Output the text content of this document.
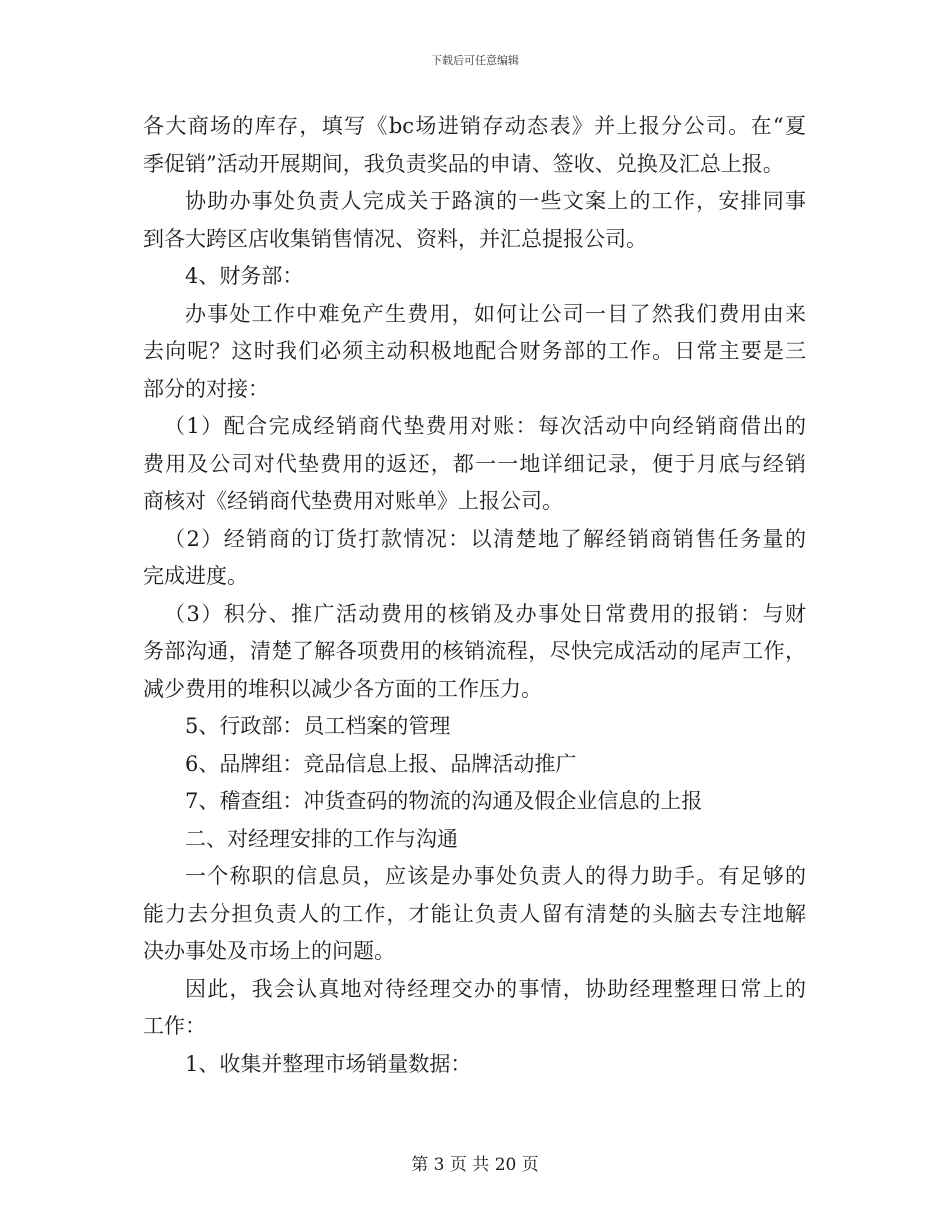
下载后可任意编辑
各大商场的库存，填写《bc场进销存动态表》并上报分公司。在“夏
季促销”活动开展期间，我负责奖品的申请、签收、兑换及汇总上报。
协助办事处负责人完成关于路演的一些文案上的工作，安排同事
到各大跨区店收集销售情况、资料，并汇总提报公司。
4、财务部：
办事处工作中难免产生费用，如何让公司一目了然我们费用由来
去向呢？这时我们必须主动积极地配合财务部的工作。日常主要是三
部分的对接：
（1）配合完成经销商代垫费用对账：每次活动中向经销商借出的
费用及公司对代垫费用的返还，都一一地详细记录，便于月底与经销
商核对《经销商代垫费用对账单》上报公司。
（2）经销商的订货打款情况：以清楚地了解经销商销售任务量的
完成进度。
（3）积分、推广活动费用的核销及办事处日常费用的报销：与财
务部沟通，清楚了解各项费用的核销流程，尽快完成活动的尾声工作，
减少费用的堆积以减少各方面的工作压力。
5、行政部：员工档案的管理
6、品牌组：竞品信息上报、品牌活动推广
7、稽查组：冲货查码的物流的沟通及假企业信息的上报
二、对经理安排的工作与沟通
一个称职的信息员，应该是办事处负责人的得力助手。有足够的
能力去分担负责人的工作，才能让负责人留有清楚的头脑去专注地解
决办事处及市场上的问题。
因此，我会认真地对待经理交办的事情，协助经理整理日常上的
工作：
1、收集并整理市场销量数据：
第 3 页 共 20 页
